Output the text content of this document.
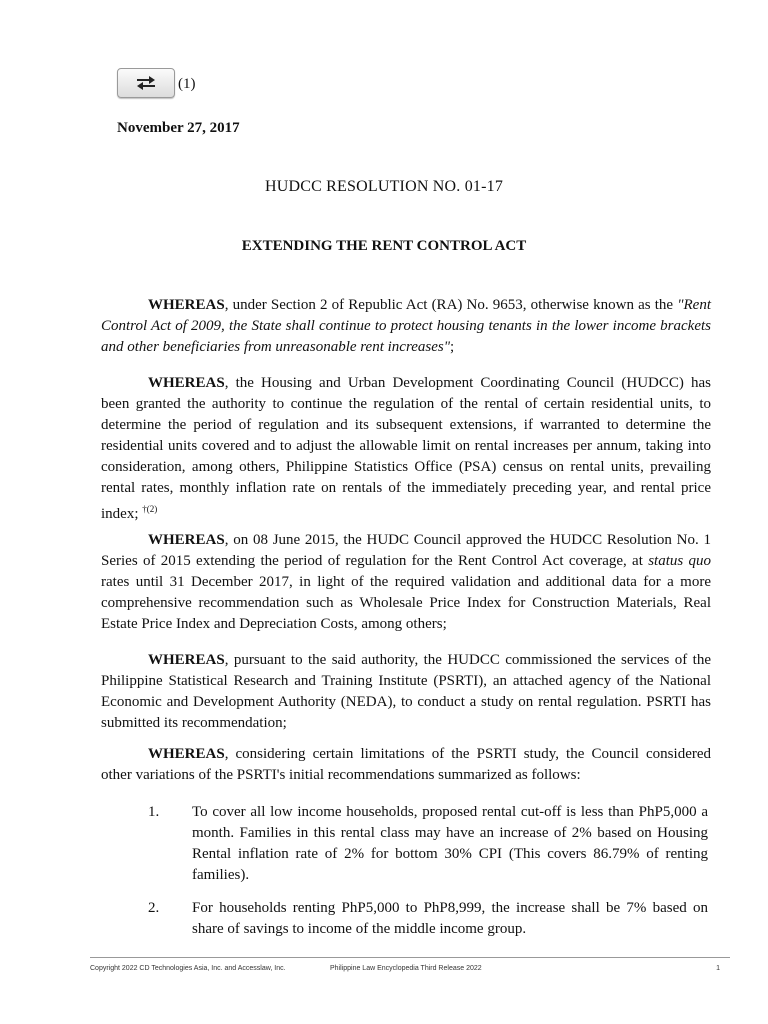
(1)
November 27, 2017
HUDCC RESOLUTION NO. 01-17
EXTENDING THE RENT CONTROL ACT

WHEREAS, under Section 2 of Republic Act (RA) No. 9653, otherwise known as the "Rent Control Act of 2009, the State shall continue to protect housing tenants in the lower income brackets and other beneficiaries from unreasonable rent increases";

WHEREAS, the Housing and Urban Development Coordinating Council (HUDCC) has been granted the authority to continue the regulation of the rental of certain residential units, to determine the period of regulation and its subsequent extensions, if warranted to determine the residential units covered and to adjust the allowable limit on rental increases per annum, taking into consideration, among others, Philippine Statistics Office (PSA) census on rental units, prevailing rental rates, monthly inflation rate on rentals of the immediately preceding year, and rental price index; $^{\dagger(2)}$

WHEREAS, on 08 June 2015, the HUDC Council approved the HUDCC Resolution No. 1 Series of 2015 extending the period of regulation for the Rent Control Act coverage, at status quo rates until 31 December 2017, in light of the required validation and additional data for a more comprehensive recommendation such as Wholesale Price Index for Construction Materials, Real Estate Price Index and Depreciation Costs, among others;

WHEREAS, pursuant to the said authority, the HUDCC commissioned the services of the Philippine Statistical Research and Training Institute (PSRTI), an attached agency of the National Economic and Development Authority (NEDA), to conduct a study on rental regulation. PSRTI has submitted its recommendation;

WHEREAS, considering certain limitations of the PSRTI study, the Council considered other variations of the PSRTI's initial recommendations summarized as follows:

1. To cover all low income households, proposed rental cut-off is less than PhP5,000 a month. Families in this rental class may have an increase of 2% based on Housing Rental inflation rate of 2% for bottom 30% CPI (This covers 86.79% of renting families).
2. For households renting PhP5,000 to PhP8,999, the increase shall be 7% based on share of savings to income of the middle income group.
Copyright 2022 CD Technologies Asia, Inc. and Accesslaw, Inc.	Philippine Law Encyclopedia Third Release 2022	1
